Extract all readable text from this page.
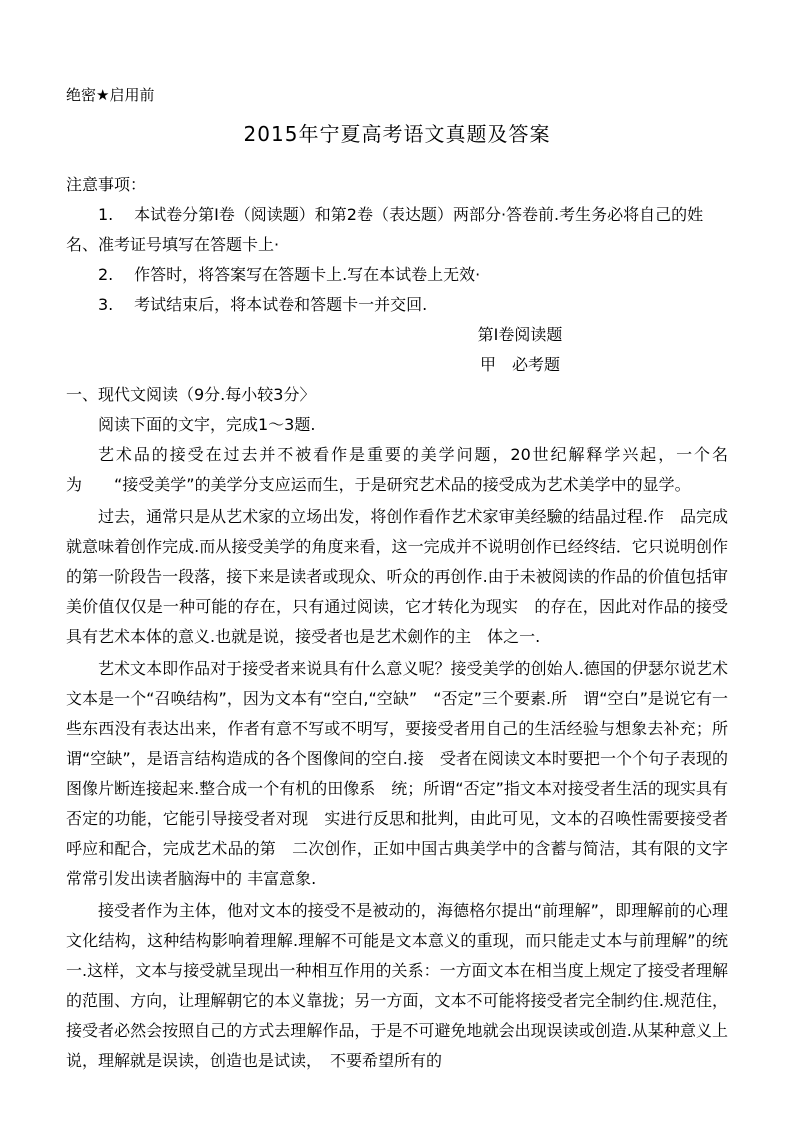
绝密★启用前
2015年宁夏高考语文真题及答案
注意事项：

1. 本试卷分第Ⅰ卷（阅读题）和第2卷（表达题）两部分·答卷前.考生务必将自己的姓名、准考证号填写在答题卡上·

2. 作答时，将答案写在答题卡上.写在本试卷上无效·

3. 考试结束后，将本试卷和答题卡一并交回.

第Ⅰ卷阅读题
甲　必考题
一、现代文阅读（9分.每小较3分〉
阅读下面的文宇，完成1～3题.

艺术品的接受在过去并不被看作是重要的美学问题，20世纪解释学兴起，一个名为　　“接受美学”的美学分支应运而生，于是研究艺术品的接受成为艺术美学中的显学。

过去，通常只是从艺术家的立场出发，将创作看作艺术家审美经驗的结晶过程.作　品完成就意味着创作完成.而从接受美学的角度来看，这一完成并不说明创作已经终结．它只说明创作的第一阶段告一段落，接下来是读者或现众、听众的再创作.由于未被阅读的作品的价值包括审美价值仅仅是一种可能的存在，只有通过阅读，它才转化为现实　的存在，因此对作品的接受具有艺术本体的意义.也就是说，接受者也是艺术劍作的主　体之一.

艺术文本即作品对于接受者来说具有什么意义呢？接受美学的创始人.德国的伊瑟尔说艺术文本是一个“召唤结构”，因为文本有“空白,“空缺”　“否定”三个要素.所　谓“空白”是说它有一些东西没有表达出来，作者有意不写或不明写，要接受者用自己的生活经验与想象去补充；所谓“空缺”，是语言结构造成的各个图像间的空白.接　受者在阅读文本时要把一个个句子表现的图像片断连接起来.整合成一个有机的田像系　统；所谓“否定”指文本对接受者生活的现实具有否定的功能，它能引导接受者对现　实进行反思和批判，由此可见，文本的召唤性需要接受者呼应和配合，完成艺术品的第　二次创作，正如中国古典美学中的含蓄与简洁，其有限的文字常常引发出读者脑海中的 丰富意象.

接受者作为主体，他对文本的接受不是被动的，海德格尔提出“前理解”，即理解前的心理文化结构，这种结构影响着理解.理解不可能是文本意义的重现，而只能走丈本与前理解”的统一.这样，文本与接受就呈现出一种相互作用的关系：一方面文本在相当度上规定了接受者理解的范围、方向，让理解朝它的本义靠拢；另一方面，文本不可能将接受者完全制约住.规范住，接受者必然会按照自己的方式去理解作品，于是不可避免地就会出现误读或创造.从某种意义上说，理解就是误读，创造也是试读，　不要希望所有的
